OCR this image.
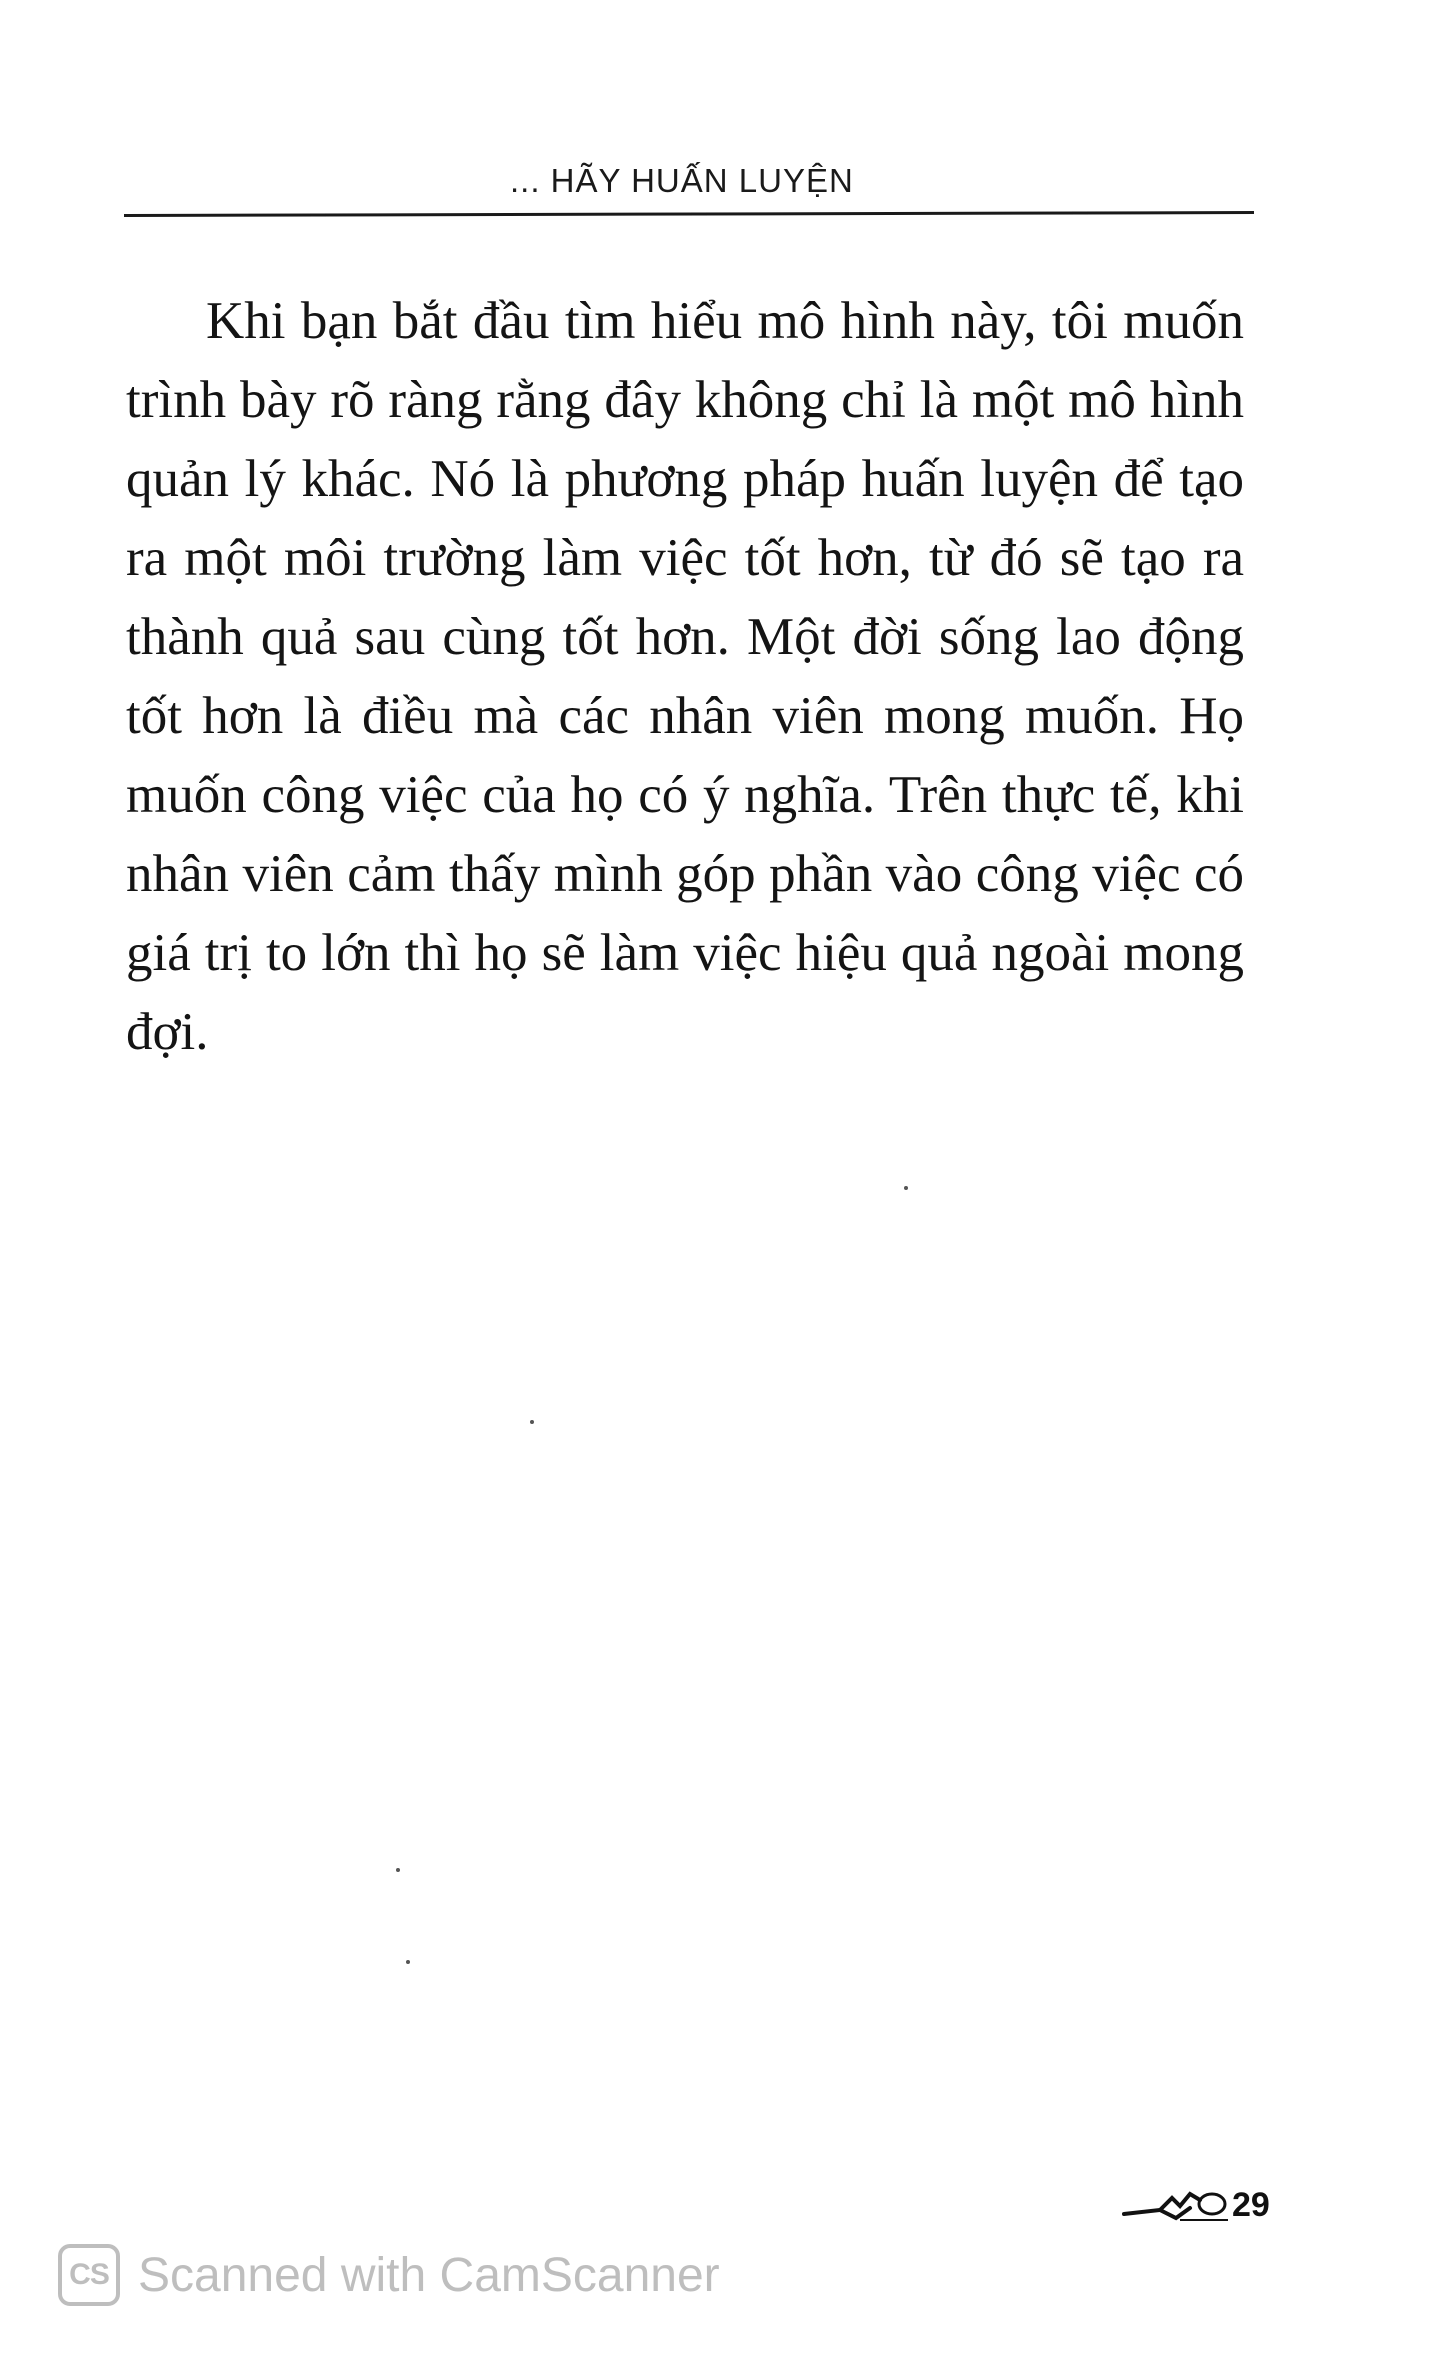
... HÃY HUẤN LUYỆN

Khi bạn bắt đầu tìm hiểu mô hình này, tôi muốn trình bày rõ ràng rằng đây không chỉ là một mô hình quản lý khác. Nó là phương pháp huấn luyện để tạo ra một môi trường làm việc tốt hơn, từ đó sẽ tạo ra thành quả sau cùng tốt hơn. Một đời sống lao động tốt hơn là điều mà các nhân viên mong muốn. Họ muốn công việc của họ có ý nghĩa. Trên thực tế, khi nhân viên cảm thấy mình góp phần vào công việc có giá trị to lớn thì họ sẽ làm việc hiệu quả ngoài mong đợi.

29
CS Scanned with CamScanner
